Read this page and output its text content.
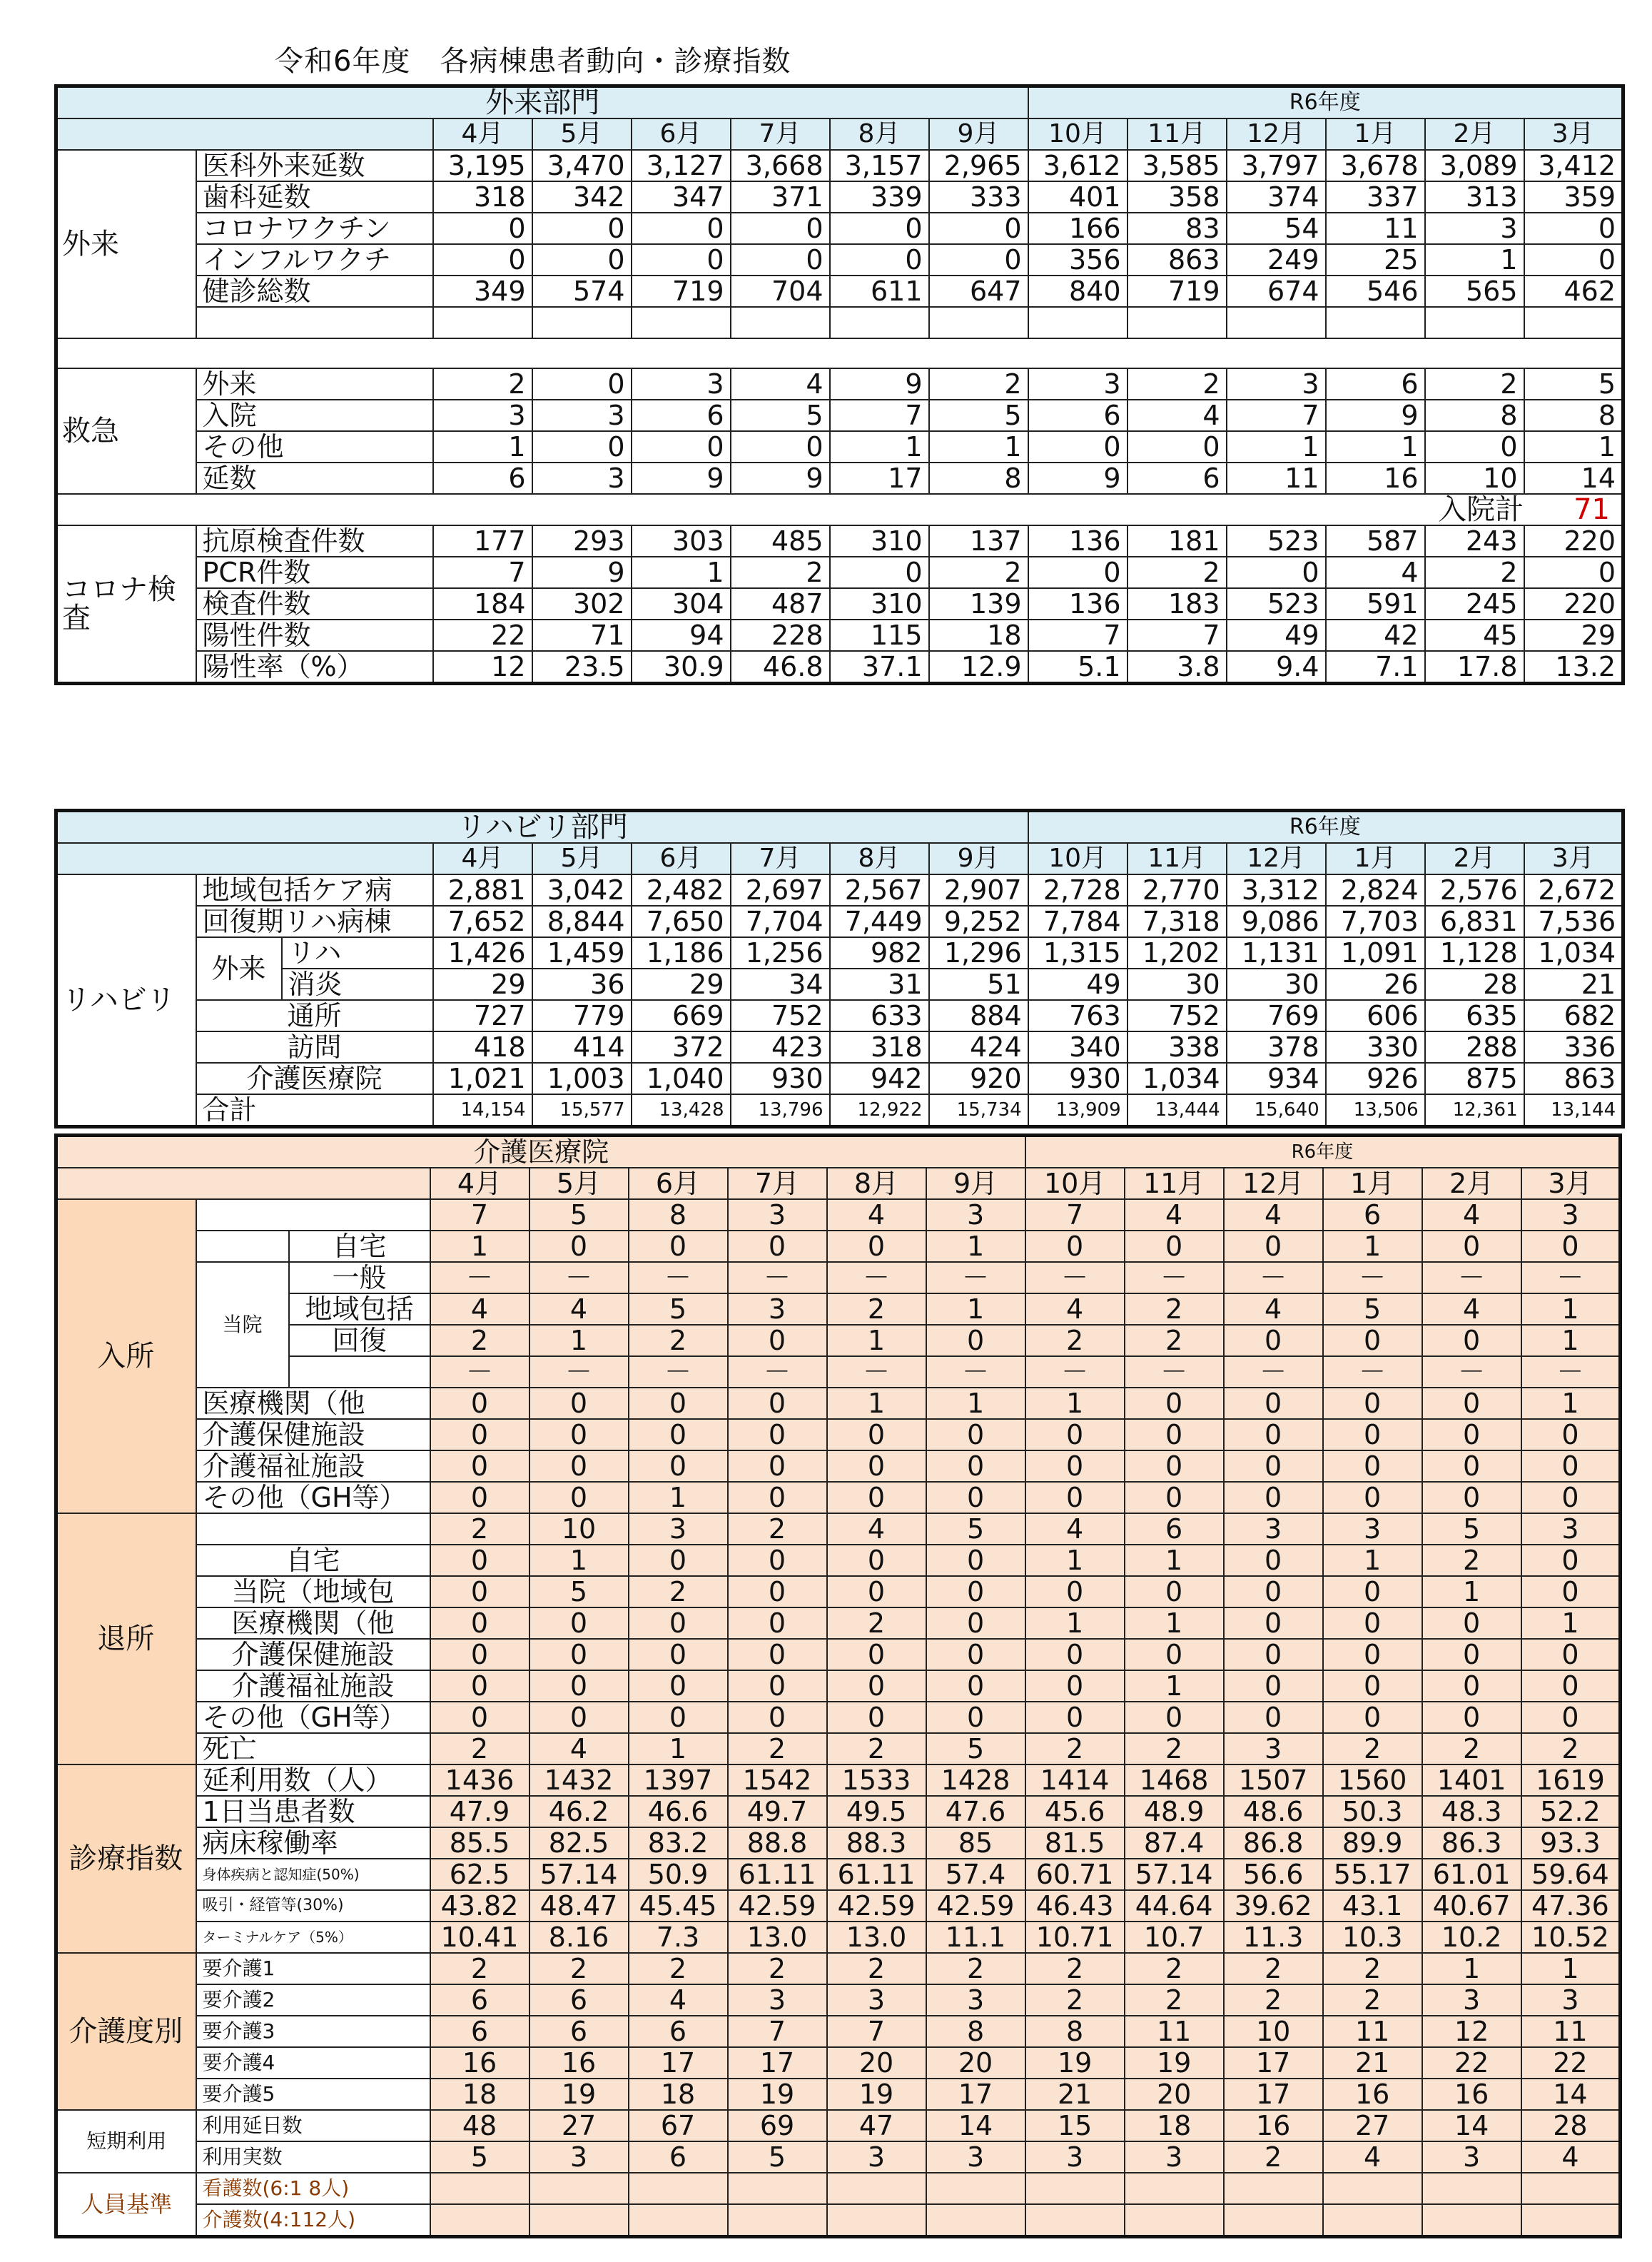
令和6年度　各病棟患者動向・診療指数
外来部門								R6年度					
		4月	5月	6月	7月	8月	9月	10月	11月	12月	1月	2月	3月
外来	医科外来延数	3,195	3,470	3,127	3,668	3,157	2,965	3,612	3,585	3,797	3,678	3,089	3,412
	歯科延数	318	342	347	371	339	333	401	358	374	337	313	359
	コロナワクチン	0	0	0	0	0	0	166	83	54	11	3	0
	インフルワクチ	0	0	0	0	0	0	356	863	249	25	1	0
	健診総数	349	574	719	704	611	647	840	719	674	546	565	462

救急	外来	2	0	3	4	9	2	3	2	3	6	2	5
	入院	3	3	6	5	7	5	6	4	7	9	8	8
	その他	1	0	0	0	1	1	0	0	1	1	0	1
	延数	6	3	9	9	17	8	9	6	11	16	10	14
入院計 71													
コロナ検査	抗原検査件数	177	293	303	485	310	137	136	181	523	587	243	220
	PCR件数	7	9	1	2	0	2	0	2	0	4	2	0
	検査件数	184	302	304	487	310	139	136	183	523	591	245	220
	陽性件数	22	71	94	228	115	18	7	7	49	42	45	29
	陽性率（%）	12	23.5	30.9	46.8	37.1	12.9	5.1	3.8	9.4	7.1	17.8	13.2
リハビリ部門									R6年度					
			4月	5月	6月	7月	8月	9月	10月	11月	12月	1月	2月	3月
リハビリ	地域包括ケア病		2,881	3,042	2,482	2,697	2,567	2,907	2,728	2,770	3,312	2,824	2,576	2,672
	回復期リハ病棟		7,652	8,844	7,650	7,704	7,449	9,252	7,784	7,318	9,086	7,703	6,831	7,536
	外来	リハ	1,426	1,459	1,186	1,256	982	1,296	1,315	1,202	1,131	1,091	1,128	1,034
		消炎	29	36	29	34	31	51	49	30	30	26	28	21
	通所		727	779	669	752	633	884	763	752	769	606	635	682
	訪問		418	414	372	423	318	424	340	338	378	330	288	336
	介護医療院		1,021	1,003	1,040	930	942	920	930	1,034	934	926	875	863
	合計		14,154	15,577	13,428	13,796	12,922	15,734	13,909	13,444	15,640	13,506	12,361	13,144
介護医療院									R6年度					
			4月	5月	6月	7月	8月	9月	10月	11月	12月	1月	2月	3月
入所			7	5	8	3	4	3	7	4	4	6	4	3
		自宅	1	0	0	0	0	1	0	0	0	1	0	0
	当院	一般	－	－	－	－	－	－	－	－	－	－	－	－
		地域包括	4	4	5	3	2	1	4	2	4	5	4	1
		回復	2	1	2	0	1	0	2	2	0	0	0	1
			－	－	－	－	－	－	－	－	－	－	－	－
	医療機関（他		0	0	0	0	1	1	1	0	0	0	0	1
	介護保健施設		0	0	0	0	0	0	0	0	0	0	0	0
	介護福祉施設		0	0	0	0	0	0	0	0	0	0	0	0
	その他（GH等）		0	0	1	0	0	0	0	0	0	0	0	0
退所			2	10	3	2	4	5	4	6	3	3	5	3
	自宅		0	1	0	0	0	0	1	1	0	1	2	0
	当院（地域包		0	5	2	0	0	0	0	0	0	0	1	0
	医療機関（他		0	0	0	0	2	0	1	1	0	0	0	1
	介護保健施設		0	0	0	0	0	0	0	0	0	0	0	0
	介護福祉施設		0	0	0	0	0	0	0	1	0	0	0	0
	その他（GH等）		0	0	0	0	0	0	0	0	0	0	0	0
	死亡		2	4	1	2	2	5	2	2	3	2	2	2
診療指数	延利用数（人）		1436	1432	1397	1542	1533	1428	1414	1468	1507	1560	1401	1619
	1日当患者数		47.9	46.2	46.6	49.7	49.5	47.6	45.6	48.9	48.6	50.3	48.3	52.2
	病床稼働率		85.5	82.5	83.2	88.8	88.3	85	81.5	87.4	86.8	89.9	86.3	93.3
	身体疾病と認知症(50%)		62.5	57.14	50.9	61.11	61.11	57.4	60.71	57.14	56.6	55.17	61.01	59.64
	吸引・経管等(30%)		43.82	48.47	45.45	42.59	42.59	42.59	46.43	44.64	39.62	43.1	40.67	47.36
	ターミナルケア（5%）		10.41	8.16	7.3	13.0	13.0	11.1	10.71	10.7	11.3	10.3	10.2	10.52
介護度別	要介護1		2	2	2	2	2	2	2	2	2	2	1	1
	要介護2		6	6	4	3	3	3	2	2	2	2	3	3
	要介護3		6	6	6	7	7	8	8	11	10	11	12	11
	要介護4		16	16	17	17	20	20	19	19	17	21	22	22
	要介護5		18	19	18	19	19	17	21	20	17	16	16	14
短期利用	利用延日数		48	27	67	69	47	14	15	18	16	27	14	28
	利用実数		5	3	6	5	3	3	3	3	2	4	3	4
人員基準	看護数(6:1 8人)													
	介護数(4:112人)													
